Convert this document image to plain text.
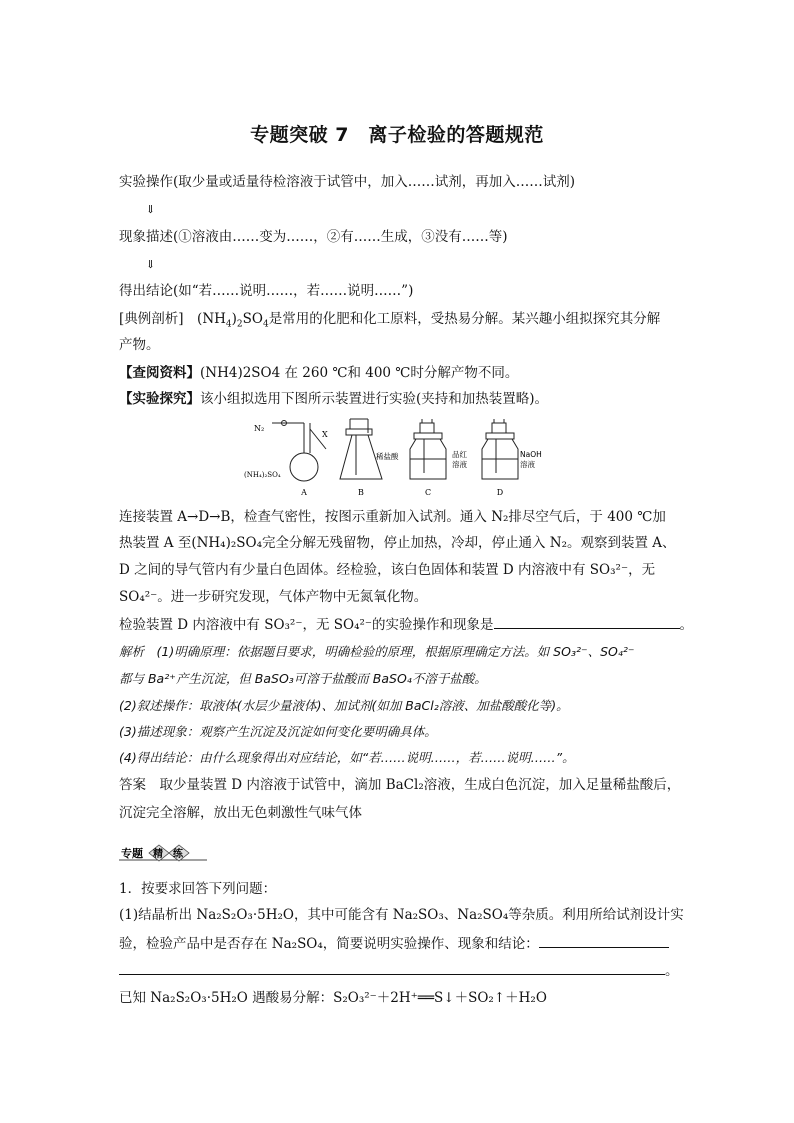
专题突破 7　离子检验的答题规范
实验操作(取少量或适量待检溶液于试管中，加入……试剂，再加入……试剂)
⇓
现象描述(①溶液由……变为……，②有……生成，③没有……等)
⇓
得出结论(如“若……说明……，若……说明……”)
[典例剖析]　 $(NH_4)_2SO_4$是常用的化肥和化工原料，受热易分解。某兴趣小组拟探究其分解
产物。
【查阅资料】(NH4)2SO4 在 260 ℃和 400 ℃时分解产物不同。
【实验探究】该小组拟选用下图所示装置进行实验(夹持和加热装置略)。
N₂
X
(NH₄)₂SO₄
稀盐酸	品红
溶液
NaOH
溶液
A	B	C	D
连接装置 A→D→B，检查气密性，按图示重新加入试剂。通入 N₂排尽空气后，于 400 ℃加
热装置 A 至(NH₄)₂SO₄完全分解无残留物，停止加热，冷却，停止通入 N₂。观察到装置 A、
D 之间的导气管内有少量白色固体。经检验，该白色固体和装置 D 内溶液中有 SO₃²⁻，无
SO₄²⁻。进一步研究发现，气体产物中无氮氧化物。
检验装置 D 内溶液中有 SO₃²⁻，无 SO₄²⁻的实验操作和现象是	。
解析　(1)明确原理：依据题目要求，明确检验的原理，根据原理确定方法。如 SO₃²⁻、SO₄²⁻
都与 Ba²⁺产生沉淀，但 BaSO₃可溶于盐酸而 BaSO₄不溶于盐酸。
(2)叙述操作：取液体(水层少量液体)、加试剂(如加 BaCl₂溶液、加盐酸酸化等)。
(3)描述现象：观察产生沉淀及沉淀如何变化要明确具体。
(4)得出结论：由什么现象得出对应结论，如“若……说明……，若……说明……”。
答案　取少量装置 D 内溶液于试管中，滴加 BaCl₂溶液，生成白色沉淀，加入足量稀盐酸后，
沉淀完全溶解，放出无色刺激性气味气体
专题 精 练
1．按要求回答下列问题：
(1)结晶析出 Na₂S₂O₃·5H₂O，其中可能含有 Na₂SO₃、Na₂SO₄等杂质。利用所给试剂设计实
验，检验产品中是否存在 Na₂SO₄，简要说明实验操作、现象和结论：
。
已知 Na₂S₂O₃·5H₂O 遇酸易分解：S₂O₃²⁻＋2H⁺══S↓＋SO₂↑＋H₂O
